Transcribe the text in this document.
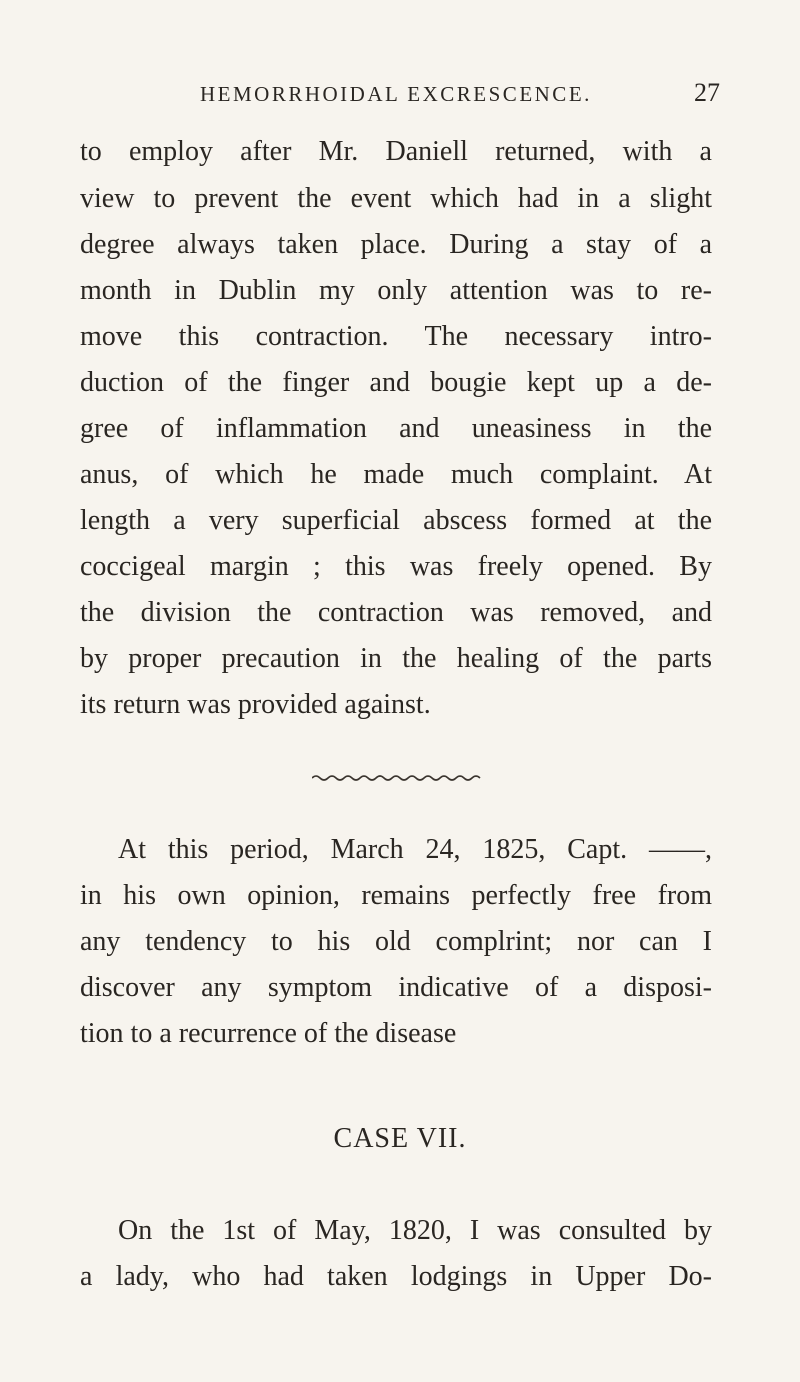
HEMORRHOIDAL EXCRESCENCE.	27
to employ after Mr. Daniell returned, with a
view to prevent the event which had in a slight
degree always taken place. During a stay of a
month in Dublin my only attention was to re-
move this contraction. The necessary intro-
duction of the finger and bougie kept up a de-
gree of inflammation and uneasiness in the
anus, of which he made much complaint. At
length a very superficial abscess formed at the
coccigeal margin ; this was freely opened. By
the division the contraction was removed, and
by proper precaution in the healing of the parts
its return was provided against.
At this period, March 24, 1825, Capt. ——,
in his own opinion, remains perfectly free from
any tendency to his old complrint; nor can I
discover any symptom indicative of a disposi-
tion to a recurrence of the disease
CASE VII.
On the 1st of May, 1820, I was consulted by
a lady, who had taken lodgings in Upper Do-
